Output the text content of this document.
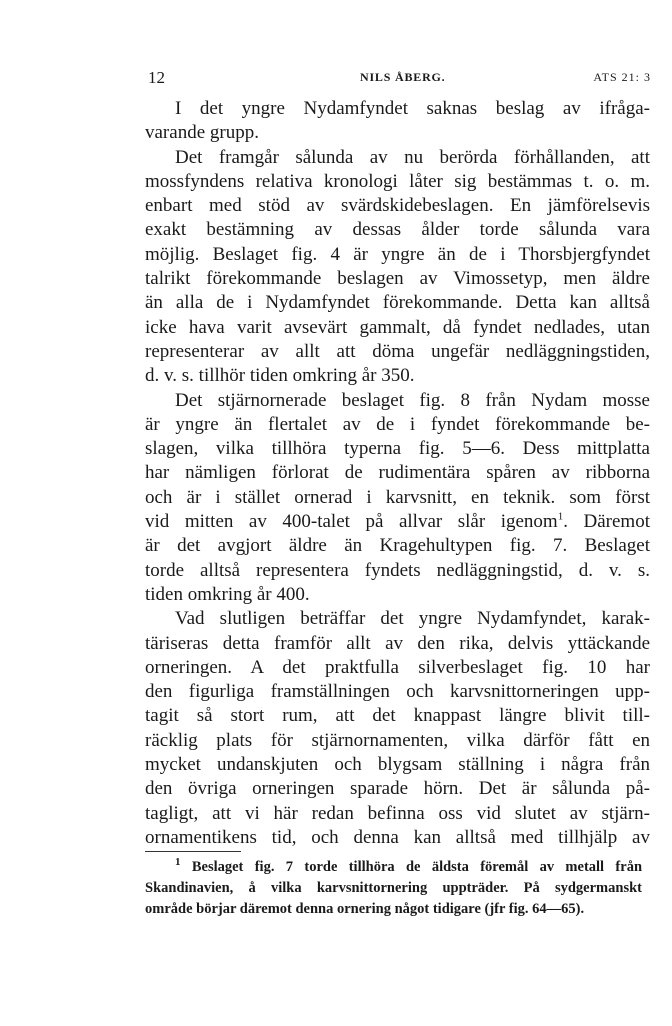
12	NILS ÅBERG.	ATS 21: 3

I det yngre Nydamfyndet saknas beslag av ifråga-
varande grupp.

Det framgår sålunda av nu berörda förhållanden, att
mossfyndens relativa kronologi låter sig bestämmas t. o. m.
enbart med stöd av svärdskidebeslagen. En jämförelsevis
exakt bestämning av dessas ålder torde sålunda vara
möjlig. Beslaget fig. 4 är yngre än de i Thorsbjergfyndet
talrikt förekommande beslagen av Vimossetyp, men äldre
än alla de i Nydamfyndet förekommande. Detta kan alltså
icke hava varit avsevärt gammalt, då fyndet nedlades, utan
representerar av allt att döma ungefär nedläggningstiden,
d. v. s. tillhör tiden omkring år 350.

Det stjärnornerade beslaget fig. 8 från Nydam mosse
är yngre än flertalet av de i fyndet förekommande be-
slagen, vilka tillhöra typerna fig. 5—6. Dess mittplatta
har nämligen förlorat de rudimentära spåren av ribborna
och är i stället ornerad i karvsnitt, en teknik. som först
vid mitten av 400-talet på allvar slår igenom$^1$. Däremot
är det avgjort äldre än Kragehultypen fig. 7. Beslaget
torde alltså representera fyndets nedläggningstid, d. v. s.
tiden omkring år 400.

Vad slutligen beträffar det yngre Nydamfyndet, karak-
täriseras detta framför allt av den rika, delvis yttäckande
orneringen. A det praktfulla silverbeslaget fig. 10 har
den figurliga framställningen och karvsnittorneringen upp-
tagit så stort rum, att det knappast längre blivit till-
räcklig plats för stjärnornamenten, vilka därför fått en
mycket undanskjuten och blygsam ställning i några från
den övriga orneringen sparade hörn. Det är sålunda på-
tagligt, att vi här redan befinna oss vid slutet av stjärn-
ornamentikens tid, och denna kan alltså med tillhjälp av

$^1$ Beslaget fig. 7 torde tillhöra de äldsta föremål av metall från
Skandinavien, å vilka karvsnittornering uppträder. På sydgermanskt
område börjar däremot denna ornering något tidigare (jfr fig. 64—65).
